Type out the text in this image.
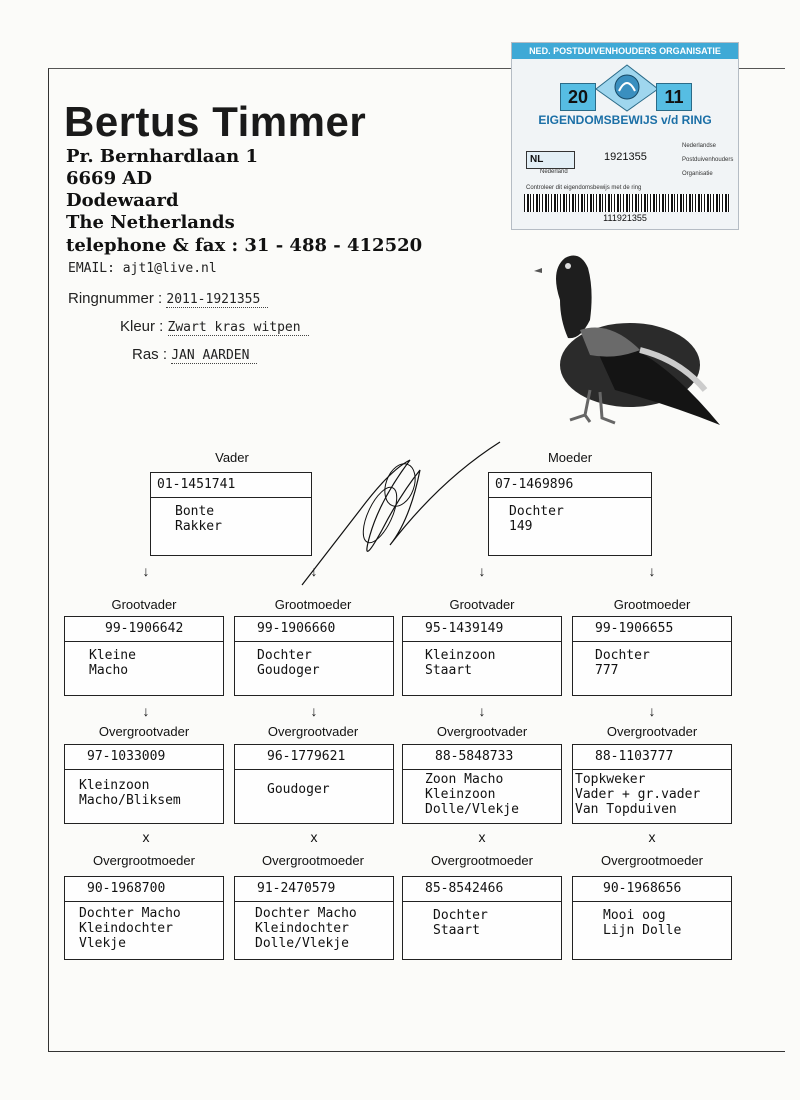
Bertus Timmer
Pr. Bernhardlaan 1
6669 AD
Dodewaard
The Netherlands
telephone & fax : 31 - 488 - 412520
EMAIL: ajt1@live.nl
Ringnummer : 2011-1921355
Kleur : Zwart kras witpen
Ras : JAN AARDEN
NED. POSTDUIVENHOUDERS ORGANISATIE
20	11
EIGENDOMSBEWIJS v/d RING
NL	1921355
Nederland
Nederlandse
Postduivenhouders
Organisatie
Controleer dit eigendomsbewijs met de ring
111921355
Vader	Moeder
01-1451741
Bonte
Rakker
07-1469896
Dochter
149
↓	↓	↓	↓
Grootvader	Grootmoeder	Grootvader	Grootmoeder
99-1906642
Kleine
Macho
99-1906660
Dochter
Goudoger
95-1439149
Kleinzoon
Staart
99-1906655
Dochter
777
↓	↓	↓	↓
Overgrootvader	Overgrootvader	Overgrootvader	Overgrootvader
97-1033009
Kleinzoon
Macho/Bliksem
96-1779621
Goudoger
88-5848733
Zoon Macho
Kleinzoon
Dolle/Vlekje
88-1103777
Topkweker
Vader + gr.vader
Van Topduiven
x	x	x	x
Overgrootmoeder	Overgrootmoeder	Overgrootmoeder	Overgrootmoeder
90-1968700
Dochter Macho
Kleindochter
Vlekje
91-2470579
Dochter Macho
Kleindochter
Dolle/Vlekje
85-8542466
Dochter
Staart
90-1968656
Mooi oog
Lijn Dolle
